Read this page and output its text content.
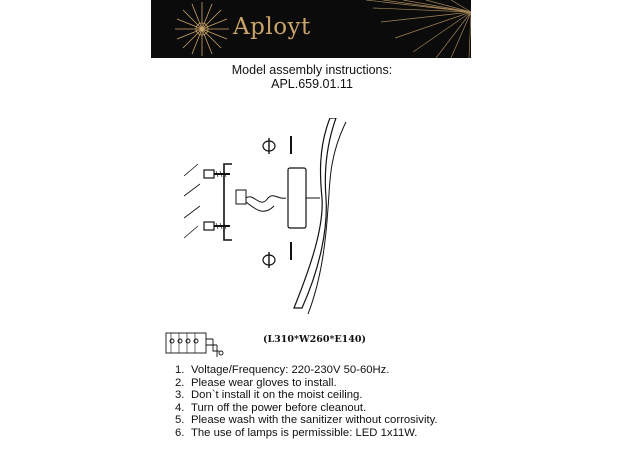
Aployt
Model assembly instructions:
APL.659.01.11
(L310*W260*E140)
1. Voltage/Frequency: 220-230V 50-60Hz.
2. Please wear gloves to install.
3. Don`t install it on the moist ceiling.
4. Turn off the power before cleanout.
5. Please wash with the sanitizer without corrosivity.
6. The use of lamps is permissible: LED 1x11W.
